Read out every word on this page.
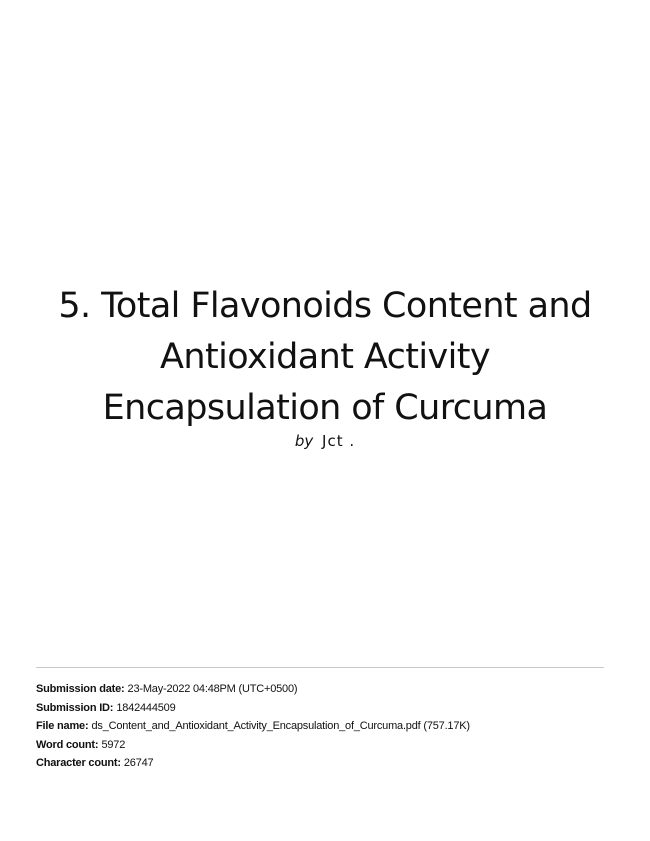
5. Total Flavonoids Content and
Antioxidant Activity
Encapsulation of Curcuma
by Jct .
Submission date: 23-May-2022 04:48PM (UTC+0500)
Submission ID: 1842444509
File name: ds_Content_and_Antioxidant_Activity_Encapsulation_of_Curcuma.pdf (757.17K)
Word count: 5972
Character count: 26747
